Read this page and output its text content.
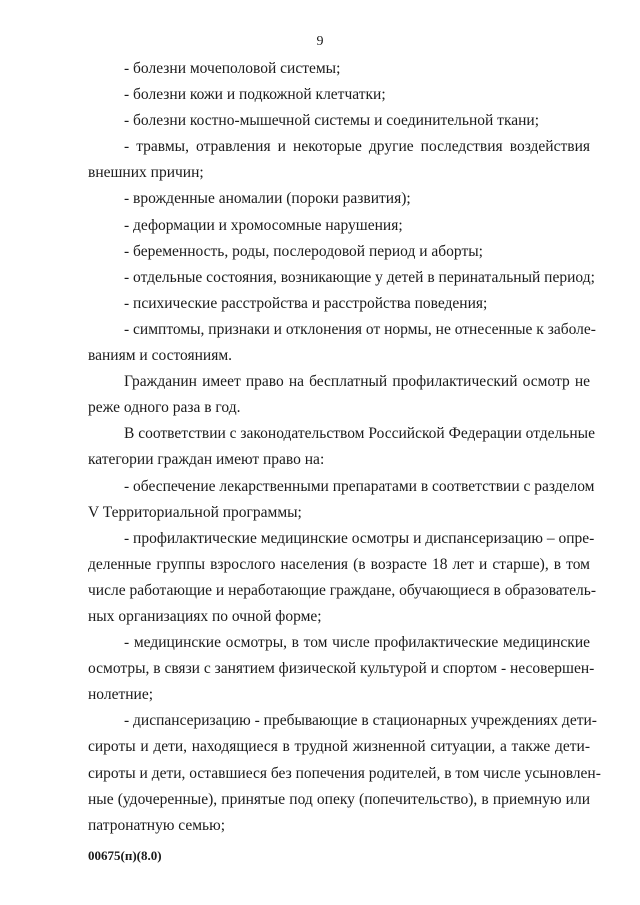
9
- болезни мочеполовой системы;
- болезни кожи и подкожной клетчатки;
- болезни костно-мышечной системы и соединительной ткани;
- травмы, отравления и некоторые другие последствия воздействия
внешних причин;
- врожденные аномалии (пороки развития);
- деформации и хромосомные нарушения;
- беременность, роды, послеродовой период и аборты;
- отдельные состояния, возникающие у детей в перинатальный период;
- психические расстройства и расстройства поведения;
- симптомы, признаки и отклонения от нормы, не отнесенные к заболе-
ваниям и состояниям.
Гражданин имеет право на бесплатный профилактический осмотр не
реже одного раза в год.
В соответствии с законодательством Российской Федерации отдельные
категории граждан имеют право на:
- обеспечение лекарственными препаратами в соответствии с разделом
V Территориальной программы;
- профилактические медицинские осмотры и диспансеризацию – опре-
деленные группы взрослого населения (в возрасте 18 лет и старше), в том
числе работающие и неработающие граждане, обучающиеся в образователь-
ных организациях по очной форме;
- медицинские осмотры, в том числе профилактические медицинские
осмотры, в связи с занятием физической культурой и спортом - несовершен-
нолетние;
- диспансеризацию - пребывающие в стационарных учреждениях дети-
сироты и дети, находящиеся в трудной жизненной ситуации, а также дети-
сироты и дети, оставшиеся без попечения родителей, в том числе усыновлен-
ные (удочеренные), принятые под опеку (попечительство), в приемную или
патронатную семью;
00675(п)(8.0)
